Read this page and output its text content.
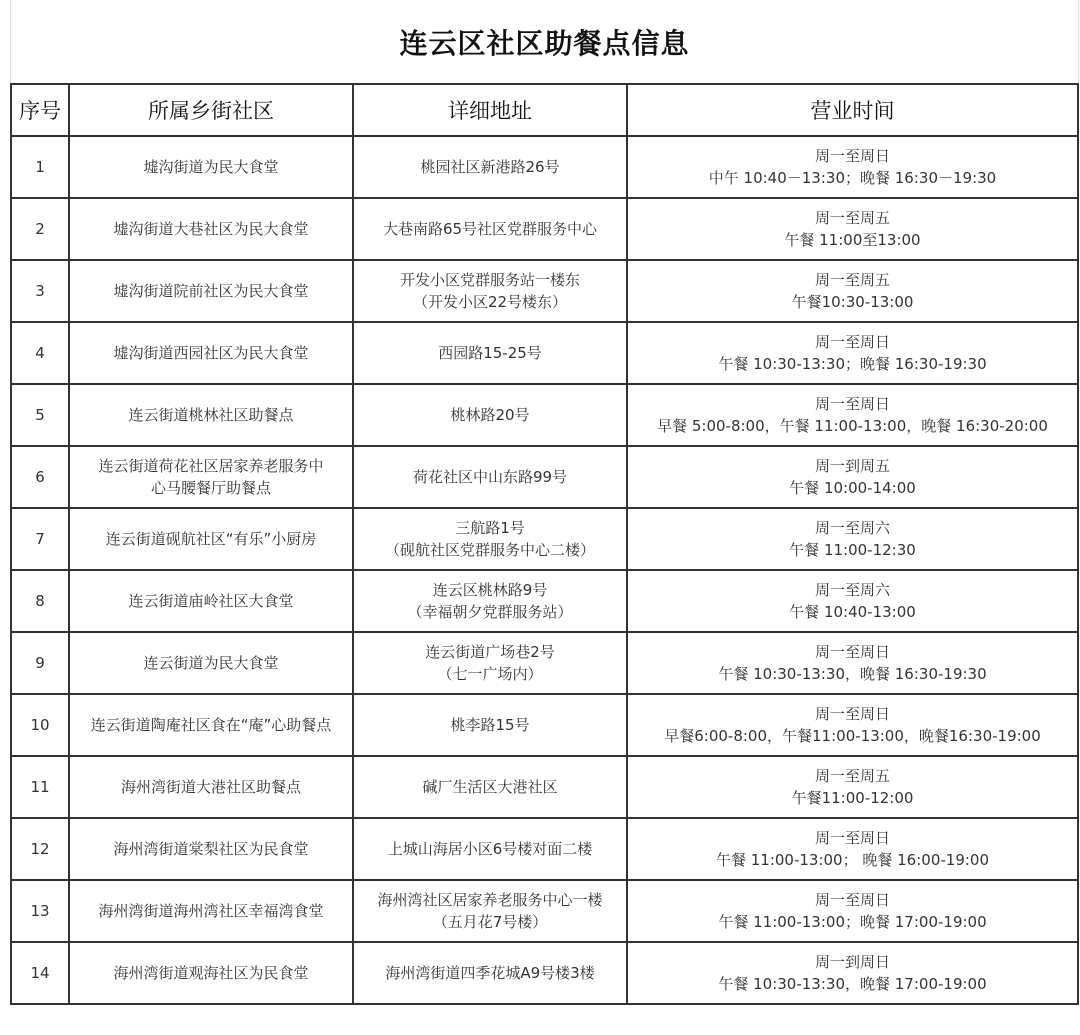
连云区社区助餐点信息
序号	所属乡街社区	详细地址	营业时间
1	墟沟街道为民大食堂	桃园社区新港路26号	周一至周日
中午 10:40－13:30；晚餐 16:30－19:30

2	墟沟街道大巷社区为民大食堂	大巷南路65号社区党群服务中心	周一至周五
午餐 11:00至13:00

3	墟沟街道院前社区为民大食堂	开发小区党群服务站一楼东
（开发小区22号楼东）	周一至周五
午餐10:30-13:00

4	墟沟街道西园社区为民大食堂	西园路15-25号	周一至周日
午餐 10:30-13:30；晚餐 16:30-19:30

5	连云街道桃林社区助餐点	桃林路20号	周一至周日
早餐 5:00-8:00，午餐 11:00-13:00，晚餐 16:30-20:00

6	连云街道荷花社区居家养老服务中
心马腰餐厅助餐点	荷花社区中山东路99号	周一到周五
午餐 10:00-14:00

7	连云街道砚航社区“有乐”小厨房	三航路1号
（砚航社区党群服务中心二楼）	周一至周六
午餐 11:00-12:30

8	连云街道庙岭社区大食堂	连云区桃林路9号
（幸福朝夕党群服务站）	周一至周六
午餐 10:40-13:00

9	连云街道为民大食堂	连云街道广场巷2号
（七一广场内）	周一至周日
午餐 10:30-13:30，晚餐 16:30-19:30

10	连云街道陶庵社区食在“庵”心助餐点	桃李路15号	周一至周日
早餐6:00-8:00，午餐11:00-13:00，晚餐16:30-19:00

11	海州湾街道大港社区助餐点	碱厂生活区大港社区	周一至周五
午餐11:00-12:00

12	海州湾街道棠梨社区为民食堂	上城山海居小区6号楼对面二楼	周一至周日
午餐 11:00-13:00； 晚餐 16:00-19:00

13	海州湾街道海州湾社区幸福湾食堂	海州湾社区居家养老服务中心一楼
（五月花7号楼）	周一至周日
午餐 11:00-13:00；晚餐 17:00-19:00

14	海州湾街道观海社区为民食堂	海州湾街道四季花城A9号楼3楼	周一到周日
午餐 10:30-13:30，晚餐 17:00-19:00
